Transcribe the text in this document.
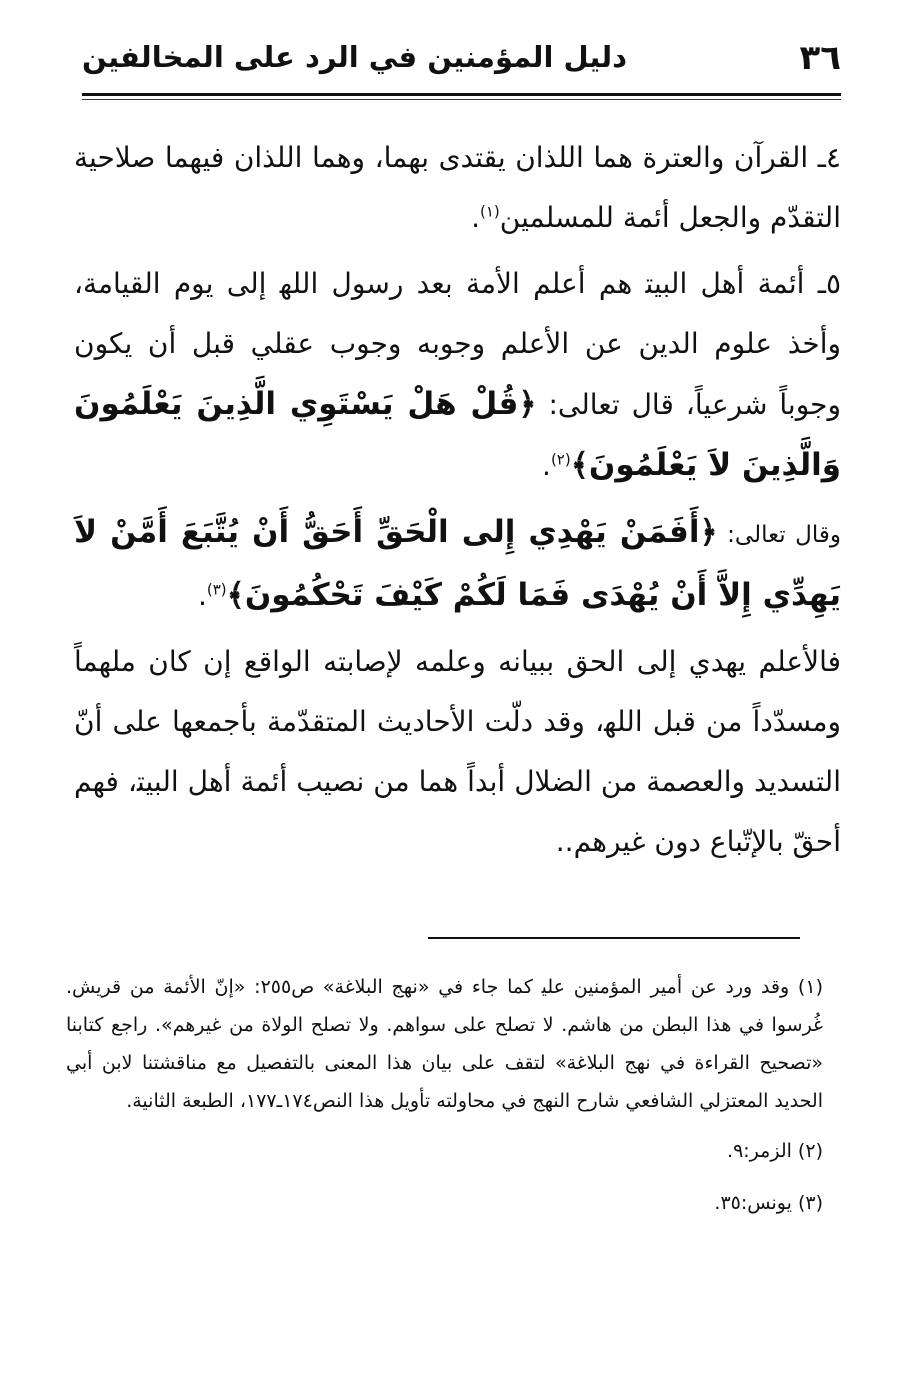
٣٦
دليل المؤمنين في الرد على المخالفين

٤ـ القرآن والعترة هما اللذان يقتدى بهما، وهما اللذان فيهما صلاحية التقدّم والجعل أئمة للمسلمين$^{(١)}$.

٥ـ أئمة أهل البيت‍ هم أعلم الأمة بعد رسول الله‍ إلى يوم القيامة، وأخذ علوم الدين عن الأعلم وجوبه وجوب عقلي قبل أن يكون وجوباً شرعياً، قال تعالى: ﴿قُلْ هَلْ يَسْتَوِي الَّذِينَ يَعْلَمُونَ وَالَّذِينَ لاَ يَعْلَمُونَ﴾$^{(٢)}$.

وقال تعالى: ﴿أَفَمَنْ يَهْدِي إِلى الْحَقِّ أَحَقُّ أَنْ يُتَّبَعَ أَمَّنْ لاَ يَهِدِّي إِلاَّ أَنْ يُهْدَى فَمَا لَكُمْ كَيْفَ تَحْكُمُونَ﴾$^{(٣)}$.

فالأعلم يهدي إلى الحق ببيانه وعلمه لإصابته الواقع إن كان ملهماً ومسدّداً من قبل الله‍، وقد دلّت الأحاديث المتقدّمة بأجمعها على أنّ التسديد والعصمة من الضلال أبداً هما من نصيب أئمة أهل البيت‍، فهم أحقّ بالإتّباع دون غيرهم..

(١) وقد ورد عن أمير المؤمنين علي‍ كما جاء في «نهج البلاغة» ص٢٥٥: «إنّ الأئمة من قريش. غُرسوا في هذا البطن من هاشم. لا تصلح على سواهم. ولا تصلح الولاة من غيرهم». راجع كتابنا «تصحيح القراءة في نهج البلاغة» لتقف على بيان هذا المعنى بالتفصيل مع مناقشتنا لابن أبي الحديد المعتزلي الشافعي شارح النهج في محاولته تأويل هذا النص١٧٤ـ١٧٧، الطبعة الثانية.

(٢) الزمر:٩.

(٣) يونس:٣٥.
